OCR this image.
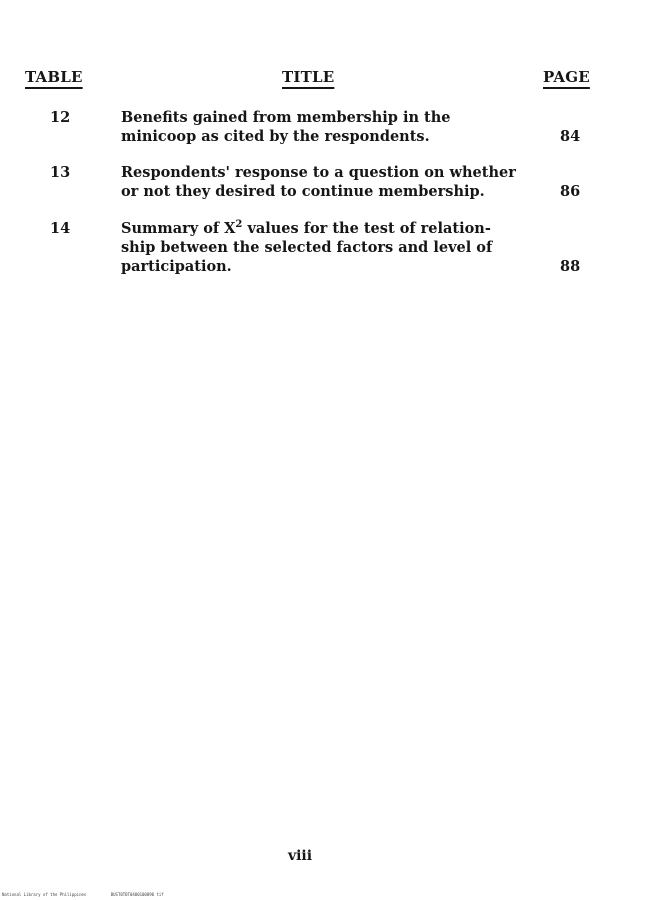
TABLE	TITLE	PAGE
12	Benefits gained from membership in the
minicoop as cited by the respondents.	84
13	Respondents' response to a question on whether
or not they desired to continue membership.	86
14	Summary of $X^2$ values for the test of relation-
ship between the selected factors and level of
participation.	88
viii
National Library of the Philippines	BUST0TBT0400100090 tif
